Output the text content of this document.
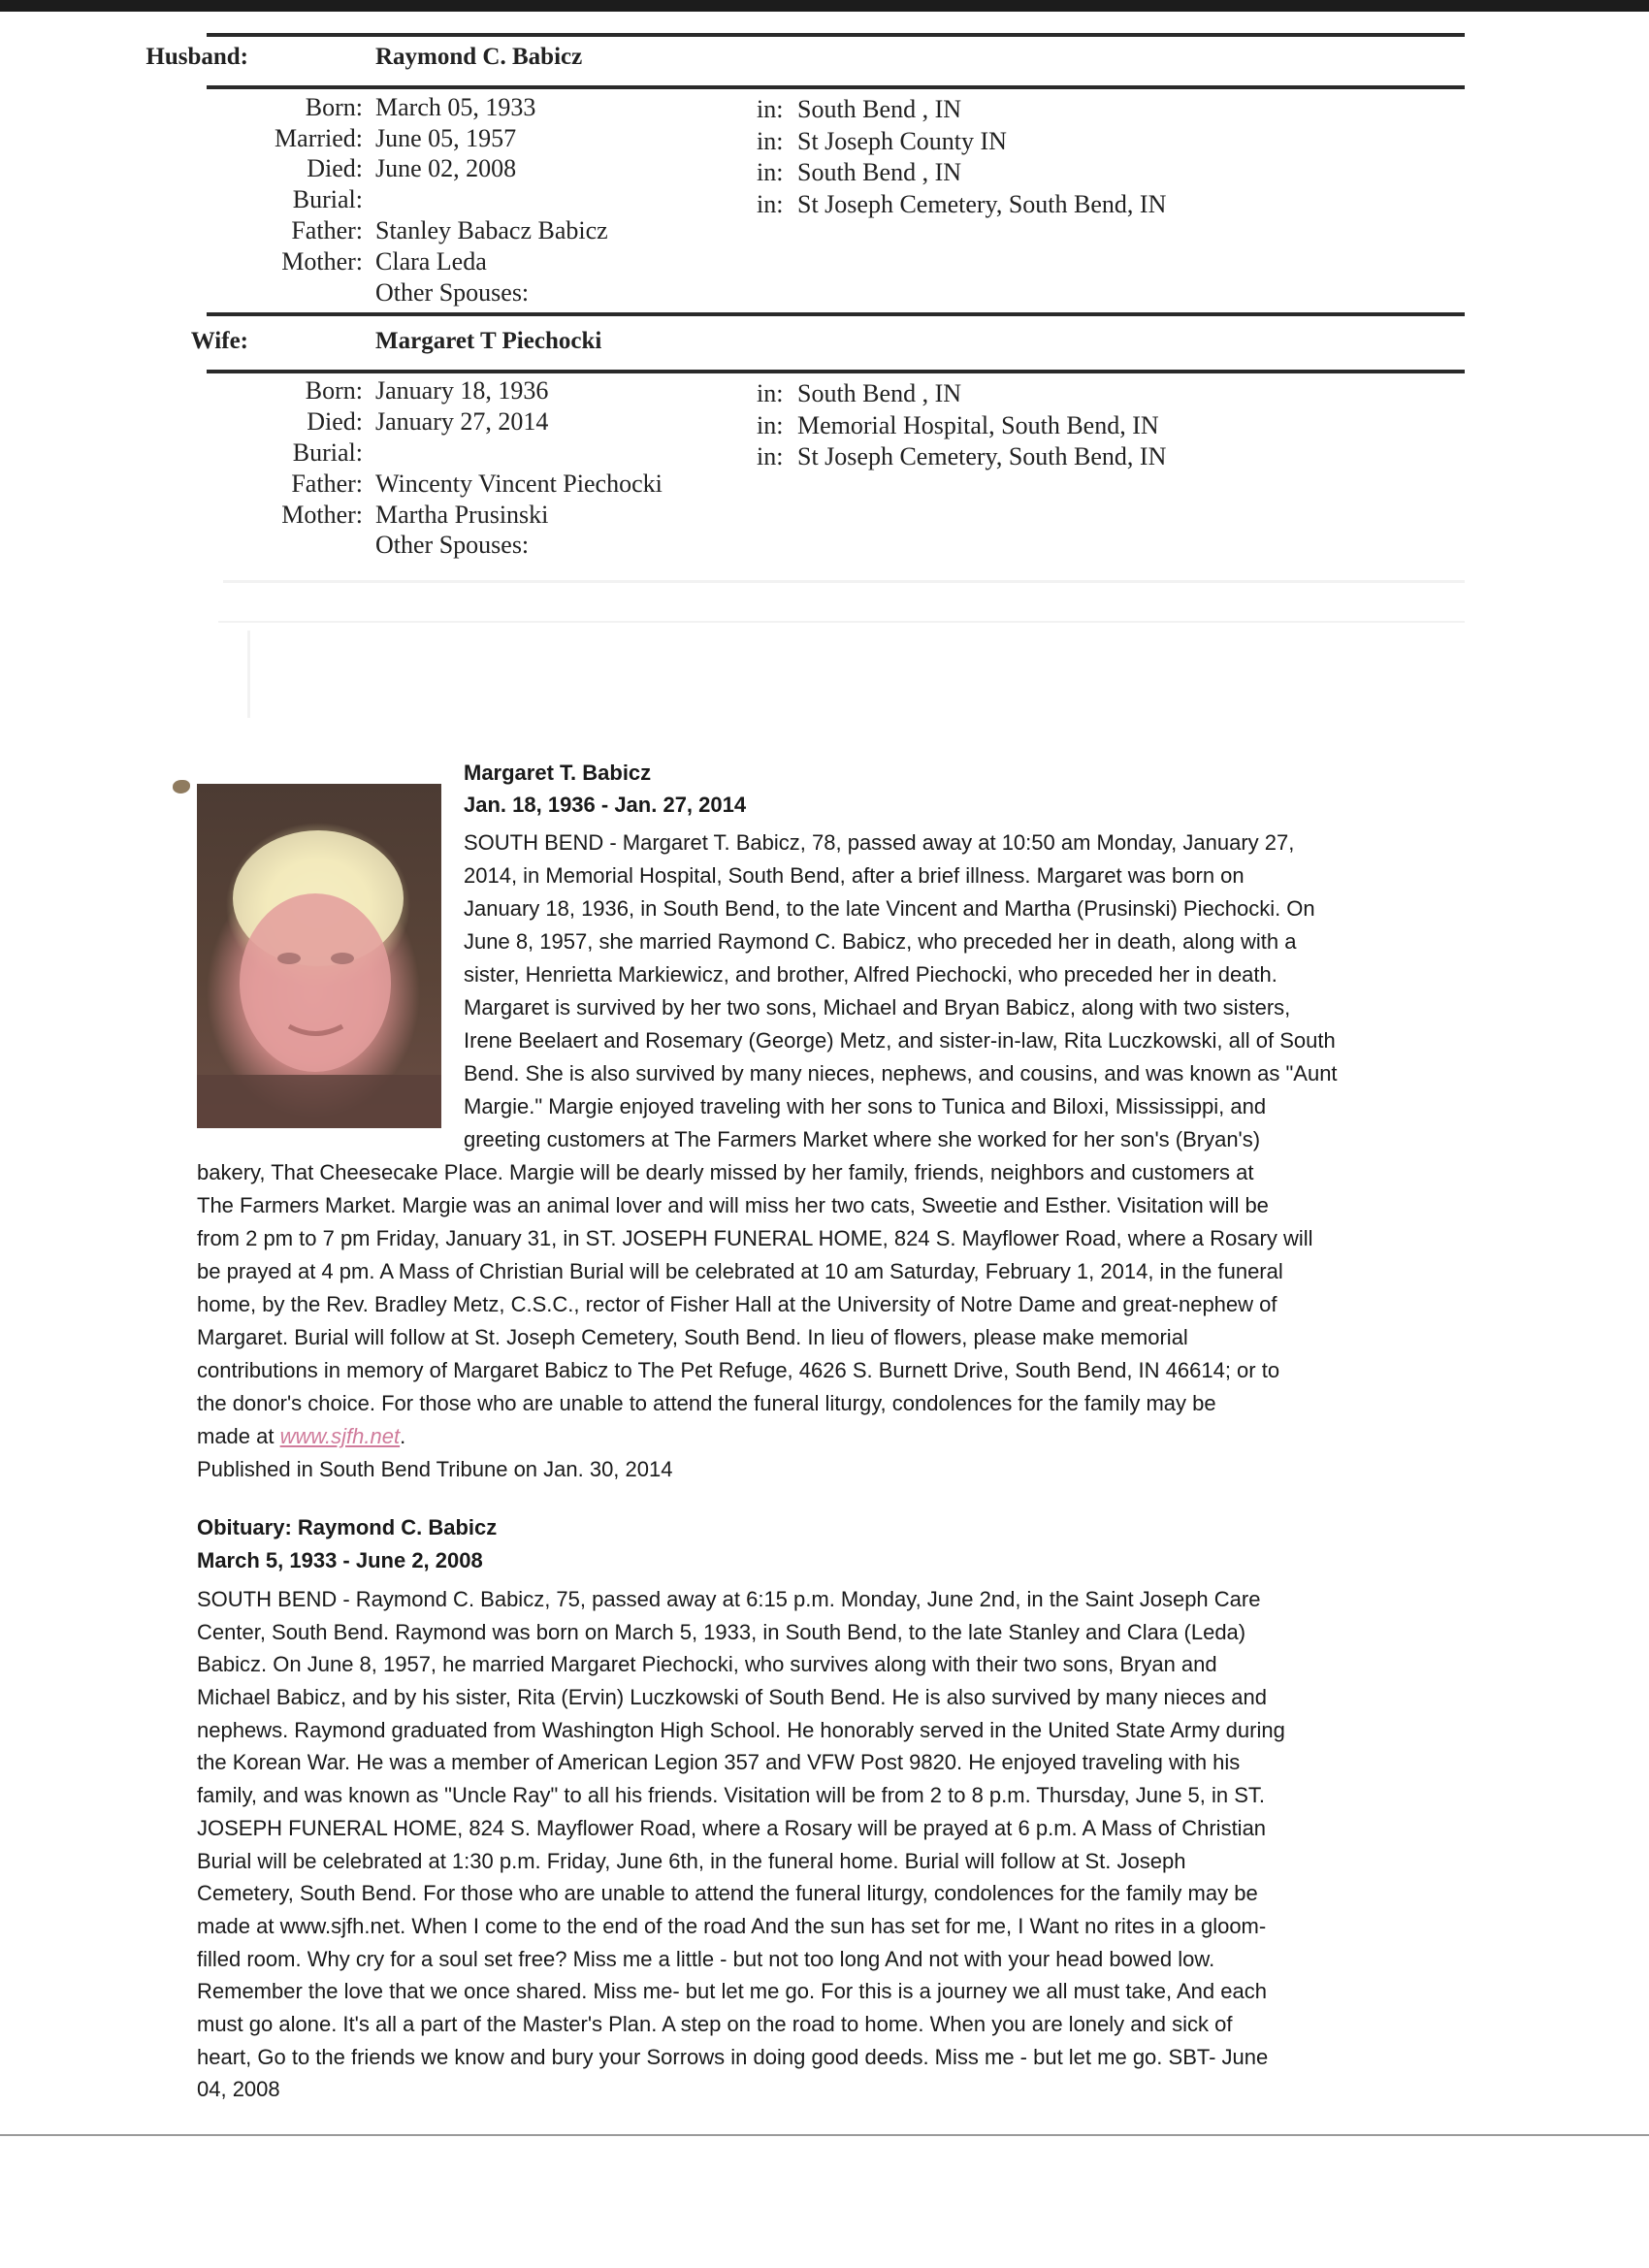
Husband:	Raymond C. Babicz
Born: March 05, 1933	in: South Bend , IN
Married: June 05, 1957	in: St Joseph County IN
Died: June 02, 2008	in: South Bend , IN
Burial:	in: St Joseph Cemetery, South Bend, IN
Father: Stanley Babacz Babicz
Mother: Clara Leda
Other Spouses:
Wife:	Margaret T Piechocki
Born: January 18, 1936	in: South Bend , IN
Died: January 27, 2014	in: Memorial Hospital, South Bend, IN
Burial:	in: St Joseph Cemetery, South Bend, IN
Father: Wincenty Vincent Piechocki
Mother: Martha Prusinski
Other Spouses:
Margaret T. Babicz
Jan. 18, 1936 - Jan. 27, 2014
SOUTH BEND - Margaret T. Babicz, 78, passed away at 10:50 am Monday, January 27,
2014, in Memorial Hospital, South Bend, after a brief illness. Margaret was born on
January 18, 1936, in South Bend, to the late Vincent and Martha (Prusinski) Piechocki. On
June 8, 1957, she married Raymond C. Babicz, who preceded her in death, along with a
sister, Henrietta Markiewicz, and brother, Alfred Piechocki, who preceded her in death.
Margaret is survived by her two sons, Michael and Bryan Babicz, along with two sisters,
Irene Beelaert and Rosemary (George) Metz, and sister-in-law, Rita Luczkowski, all of South
Bend. She is also survived by many nieces, nephews, and cousins, and was known as "Aunt
Margie." Margie enjoyed traveling with her sons to Tunica and Biloxi, Mississippi, and
greeting customers at The Farmers Market where she worked for her son's (Bryan's)
bakery, That Cheesecake Place. Margie will be dearly missed by her family, friends, neighbors and customers at
The Farmers Market. Margie was an animal lover and will miss her two cats, Sweetie and Esther. Visitation will be
from 2 pm to 7 pm Friday, January 31, in ST. JOSEPH FUNERAL HOME, 824 S. Mayflower Road, where a Rosary will
be prayed at 4 pm. A Mass of Christian Burial will be celebrated at 10 am Saturday, February 1, 2014, in the funeral
home, by the Rev. Bradley Metz, C.S.C., rector of Fisher Hall at the University of Notre Dame and great-nephew of
Margaret. Burial will follow at St. Joseph Cemetery, South Bend. In lieu of flowers, please make memorial
contributions in memory of Margaret Babicz to The Pet Refuge, 4626 S. Burnett Drive, South Bend, IN 46614; or to
the donor's choice. For those who are unable to attend the funeral liturgy, condolences for the family may be
made at www.sjfh.net.
Published in South Bend Tribune on Jan. 30, 2014
Obituary: Raymond C. Babicz
March 5, 1933 - June 2, 2008
SOUTH BEND - Raymond C. Babicz, 75, passed away at 6:15 p.m. Monday, June 2nd, in the Saint Joseph Care
Center, South Bend. Raymond was born on March 5, 1933, in South Bend, to the late Stanley and Clara (Leda)
Babicz. On June 8, 1957, he married Margaret Piechocki, who survives along with their two sons, Bryan and
Michael Babicz, and by his sister, Rita (Ervin) Luczkowski of South Bend. He is also survived by many nieces and
nephews. Raymond graduated from Washington High School. He honorably served in the United State Army during
the Korean War. He was a member of American Legion 357 and VFW Post 9820. He enjoyed traveling with his
family, and was known as "Uncle Ray" to all his friends. Visitation will be from 2 to 8 p.m. Thursday, June 5, in ST.
JOSEPH FUNERAL HOME, 824 S. Mayflower Road, where a Rosary will be prayed at 6 p.m. A Mass of Christian
Burial will be celebrated at 1:30 p.m. Friday, June 6th, in the funeral home. Burial will follow at St. Joseph
Cemetery, South Bend. For those who are unable to attend the funeral liturgy, condolences for the family may be
made at www.sjfh.net. When I come to the end of the road And the sun has set for me, I Want no rites in a gloom-
filled room. Why cry for a soul set free? Miss me a little - but not too long And not with your head bowed low.
Remember the love that we once shared. Miss me- but let me go. For this is a journey we all must take, And each
must go alone. It's all a part of the Master's Plan. A step on the road to home. When you are lonely and sick of
heart, Go to the friends we know and bury your Sorrows in doing good deeds. Miss me - but let me go. SBT- June
04, 2008
